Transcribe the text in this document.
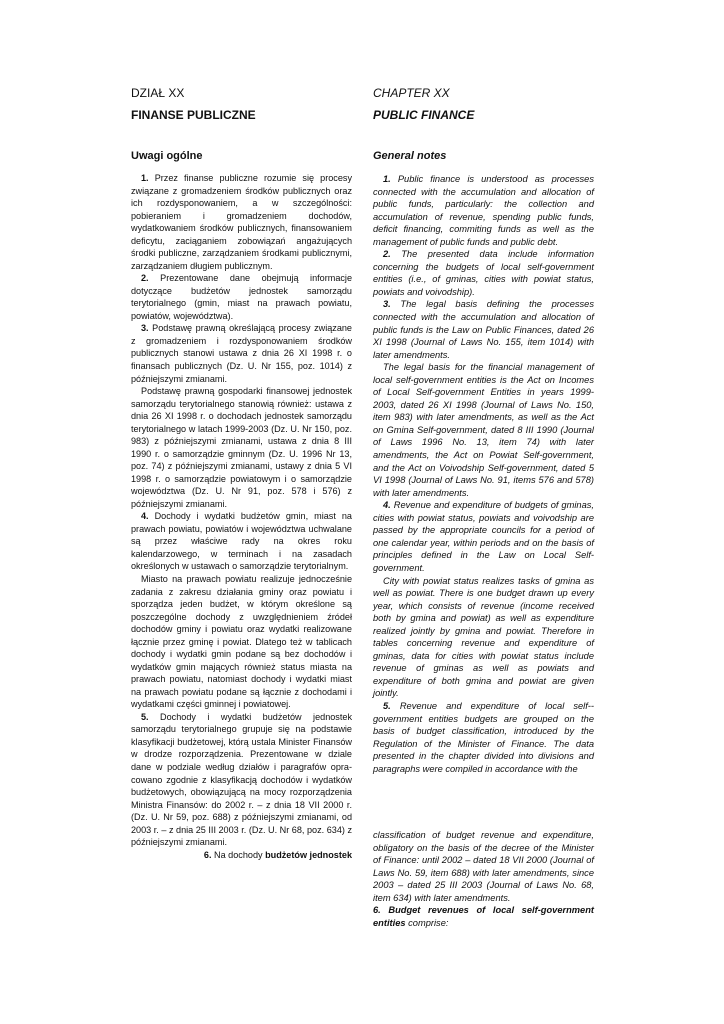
DZIAŁ XX
FINANSE PUBLICZNE
Uwagi ogólne

1. Przez finanse publiczne rozumie się procesy związane z gromadzeniem środków publicznych oraz ich rozdysponowaniem, a w szczególności: pobieraniem i gromadzeniem dochodów, wydatkowaniem środków publicznych, finansowaniem deficytu, zaciąganiem zobowiązań angażujących środki publiczne, zarządzaniem środkami publicznymi, zarządzaniem długiem publicznym.

2. Prezentowane dane obejmują informacje dotyczące budżetów jednostek samorządu terytorialnego (gmin, miast na prawach powiatu, powiatów, województwa).

3. Podstawę prawną określającą procesy związane z gromadzeniem i rozdysponowaniem środków publicznych stanowi ustawa z dnia 26 XI 1998 r. o finansach publicznych (Dz. U. Nr 155, poz. 1014) z późniejszymi zmianami.

Podstawę prawną gospodarki finansowej jednostek samorządu terytorialnego stanowią również: ustawa z dnia 26 XI 1998 r. o dochodach jednostek samorządu terytorialnego w latach 1999-2003 (Dz. U. Nr 150, poz. 983) z późniejszymi zmianami, ustawa z dnia 8 III 1990 r. o samorządzie gminnym (Dz. U. 1996 Nr 13, poz. 74) z późniejszymi zmianami, ustawy z dnia 5 VI 1998 r. o samorządzie powiatowym i o samorządzie województwa (Dz. U. Nr 91, poz. 578 i 576) z późniejszymi zmianami.

4. Dochody i wydatki budżetów gmin, miast na prawach powiatu, powiatów i województwa uchwalane są przez właściwe rady na okres roku kalendarzowego, w terminach i na zasadach określonych w ustawach o samorządzie terytorialnym.

Miasto na prawach powiatu realizuje jednocześnie zadania z zakresu działania gminy oraz powiatu i sporządza jeden budżet, w którym określone są poszczególne dochody z uwzględnieniem źródeł dochodów gminy i powiatu oraz wydatki realizowane łącznie przez gminę i powiat. Dlatego też w tablicach dochody i wydatki gmin podane są bez dochodów i wydatków gmin mających również status miasta na prawach powiatu, natomiast dochody i wydatki miast na prawach powiatu podane są łącznie z dochodami i wydatkami części gminnej i powiatowej.

5. Dochody i wydatki budżetów jednostek samorządu terytorialnego grupuje się na podstawie klasyfikacji budżetowej, którą ustala Minister Finansów w drodze rozporządzenia. Prezentowane w dziale dane w podziale według działów i paragrafów opra-cowano zgodnie z klasyfikacją dochodów i wydatków budżetowych, obowiązującą na mocy rozporządzenia Ministra Finansów: do 2002 r. – z dnia 18 VII 2000 r. (Dz. U. Nr 59, poz. 688) z późniejszymi zmianami, od 2003 r. – z dnia 25 III 2003 r. (Dz. U. Nr 68, poz. 634) z późniejszymi zmianami.

6. Na dochody budżetów jednostek

CHAPTER XX
PUBLIC FINANCE
General notes

1. Public finance is understood as processes connected with the accumulation and allocation of public funds, particularly: the collection and accumulation of revenue, spending public funds, deficit financing, commiting funds as well as the management of public funds and public debt.

2. The presented data include information concerning the budgets of local self-government entities (i.e., of gminas, cities with powiat status, powiats and voivodship).

3. The legal basis defining the processes connected with the accumulation and allocation of public funds is the Law on Public Finances, dated 26 XI 1998 (Journal of Laws No. 155, item 1014) with later amendments.

The legal basis for the financial management of local self-government entities is the Act on Incomes of Local Self-government Entities in years 1999-2003, dated 26 XI 1998 (Journal of Laws No. 150, item 983) with later amendments, as well as the Act on Gmina Self-government, dated 8 III 1990 (Journal of Laws 1996 No. 13, item 74) with later amendments, the Act on Powiat Self-government, and the Act on Voivodship Self-government, dated 5 VI 1998 (Journal of Laws No. 91, items 576 and 578) with later amendments.

4. Revenue and expenditure of budgets of gminas, cities with powiat status, powiats and voivodship are passed by the appropriate councils for a period of one calendar year, within periods and on the basis of principles defined in the Law on Local Self-government.

City with powiat status realizes tasks of gmina as well as powiat. There is one budget drawn up every year, which consists of revenue (income received both by gmina and powiat) as well as expenditure realized jointly by gmina and powiat. Therefore in tables concerning revenue and expenditure of gminas, data for cities with powiat status include revenue of gminas as well as powiats and expenditure of both gmina and powiat are given jointly.

5. Revenue and expenditure of local self--government entities budgets are grouped on the basis of budget classification, introduced by the Regulation of the Minister of Finance. The data presented in the chapter divided into divisions and paragraphs were compiled in accordance with the

classification of budget revenue and expenditure, obligatory on the basis of the decree of the Minister of Finance: until 2002 – dated 18 VII 2000 (Journal of Laws No. 59, item 688) with later amendments, since 2003 – dated 25 III 2003 (Journal of Laws No. 68, item 634) with later amendments.

6. Budget revenues of local self-government entities comprise:
